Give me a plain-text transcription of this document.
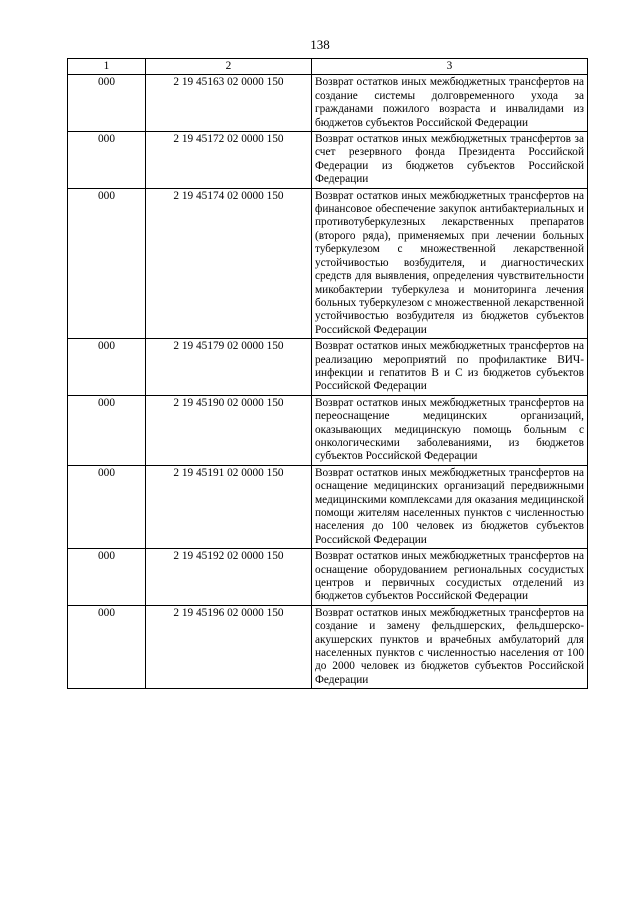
138
1	2	3
000	2 19 45163 02 0000 150	Возврат остатков иных межбюджетных трансфертов на создание системы долговременного ухода за гражданами пожилого возраста и инвалидами из бюджетов субъектов Российской Федерации
000	2 19 45172 02 0000 150	Возврат остатков иных межбюджетных трансфертов за счет резервного фонда Президента Российской Федерации из бюджетов субъектов Российской Федерации
000	2 19 45174 02 0000 150	Возврат остатков иных межбюджетных трансфертов на финансовое обеспечение закупок антибактериальных и противотуберкулезных лекарственных препаратов (второго ряда), применяемых при лечении больных туберкулезом с множественной лекарственной устойчивостью возбудителя, и диагностических средств для выявления, определения чувствительности микобактерии туберкулеза и мониторинга лечения больных туберкулезом с множественной лекарственной устойчивостью возбудителя из бюджетов субъектов Российской Федерации
000	2 19 45179 02 0000 150	Возврат остатков иных межбюджетных трансфертов на реализацию мероприятий по профилактике ВИЧ-инфекции и гепатитов B и C из бюджетов субъектов Российской Федерации
000	2 19 45190 02 0000 150	Возврат остатков иных межбюджетных трансфертов на переоснащение медицинских организаций, оказывающих медицинскую помощь больным с онкологическими заболеваниями, из бюджетов субъектов Российской Федерации
000	2 19 45191 02 0000 150	Возврат остатков иных межбюджетных трансфертов на оснащение медицинских организаций передвижными медицинскими комплексами для оказания медицинской помощи жителям населенных пунктов с численностью населения до 100 человек из бюджетов субъектов Российской Федерации
000	2 19 45192 02 0000 150	Возврат остатков иных межбюджетных трансфертов на оснащение оборудованием региональных сосудистых центров и первичных сосудистых отделений из бюджетов субъектов Российской Федерации
000	2 19 45196 02 0000 150	Возврат остатков иных межбюджетных трансфертов на создание и замену фельдшерских, фельдшерско-акушерских пунктов и врачебных амбулаторий для населенных пунктов с численностью населения от 100 до 2000 человек из бюджетов субъектов Российской Федерации
